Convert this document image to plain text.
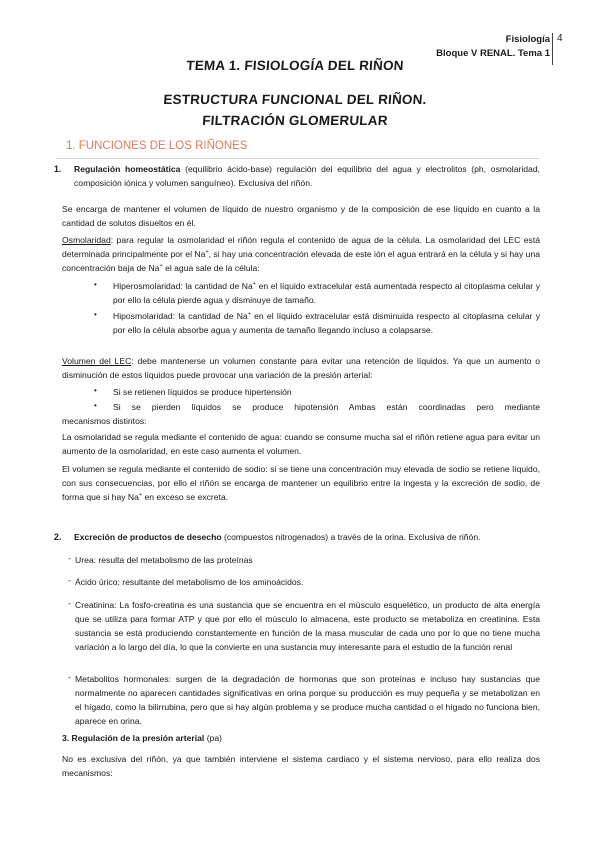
Fisiología
Bloque V RENAL. Tema 1
4
TEMA 1. FISIOLOGÍA DEL RIÑON
ESTRUCTURA FUNCIONAL DEL RIÑON.
FILTRACIÓN GLOMERULAR
1. FUNCIONES DE LOS RIÑONES
1. Regulación homeostática (equilibrio ácido-base) regulación del equilibrio del agua y electrolitos (ph, osmolaridad, composición iónica y volumen sanguíneo). Exclusiva del riñón.
Se encarga de mantener el volumen de líquido de nuestro organismo y de la composición de ese líquido en cuanto a la cantidad de solutos disueltos en él.
Osmolaridad: para regular la osmolaridad el riñón regula el contenido de agua de la célula. La osmolaridad del LEC está determinada principalmente por el Na+, si hay una concentración elevada de este ión el agua entrará en la célula y si hay una concentración baja de Na+ el agua sale de la célula:
• Hiperosmolaridad: la cantidad de Na+ en el líquido extracelular está aumentada respecto al citoplasma celular y por ello la célula pierde agua y disminuye de tamaño.
• Hiposmolaridad: la cantidad de Na+ en el líquido extracelular está disminuida respecto al citoplasma celular y por ello la célula absorbe agua y aumenta de tamaño llegando incluso a colapsarse.
Volumen del LEC: debe mantenerse un volumen constante para evitar una retención de líquidos. Ya que un aumento o disminución de estos líquidos puede provocar una variación de la presión arterial:
• Si se retienen líquidos se produce hipertensión
• Si se pierden líquidos se produce hipotensión Ambas están coordinadas pero mediante
mecanismos distintos:
La osmolaridad se regula mediante el contenido de agua: cuando se consume mucha sal el riñón retiene agua para evitar un aumento de la osmolaridad, en este caso aumenta el volumen.
El volumen se regula mediante el contenido de sodio: si se tiene una concentración muy elevada de sodio se retiene líquido, con sus consecuencias, por ello el riñón se encarga de mantener un equilibrio entre la ingesta y la excreción de sodio, de forma que si hay Na+ en exceso se excreta.
2. Excreción de productos de desecho (compuestos nitrogenados) a través de la orina. Exclusiva de riñón.
- Urea: resulta del metabolismo de las proteínas
- Ácido úrico: resultante del metabolismo de los aminoácidos.
- Creatinina: La fosfo-creatina es una sustancia que se encuentra en el músculo esquelético, un producto de alta energía que se utiliza para formar ATP y que por ello el músculo lo almacena, este producto se metaboliza en creatinina. Esta sustancia se está produciendo constantemente en función de la masa muscular de cada uno por lo que no tiene mucha variación a lo largo del día, lo que la convierte en una sustancia muy interesante para el estudio de la función renal
- Metabolitos hormonales: surgen de la degradación de hormonas que son proteínas e incluso hay sustancias que normalmente no aparecen cantidades significativas en orina porque su producción es muy pequeña y se metabolizan en el hígado, como la bilirrubina, pero que si hay algún problema y se produce mucha cantidad o el hígado no funciona bien, aparece en orina.
3. Regulación de la presión arterial (pa)
No es exclusiva del riñón, ya que también interviene el sistema cardiaco y el sistema nervioso, para ello realiza dos mecanismos:
